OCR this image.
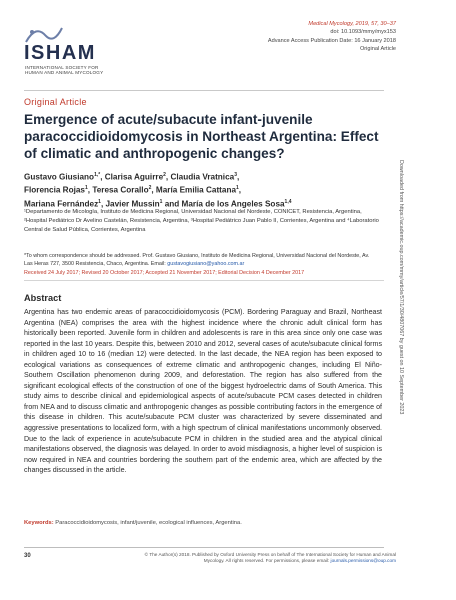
ISHAM
INTERNATIONAL SOCIETY FOR
HUMAN AND ANIMAL MYCOLOGY
Medical Mycology, 2019, 57, 30–37
doi: 10.1093/mmy/myx153
Advance Access Publication Date: 16 January 2018
Original Article
Original Article
Emergence of acute/subacute infant-juvenile paracoccidioidomycosis in Northeast Argentina: Effect of climatic and anthropogenic changes?
Gustavo Giusiano$^{1,*}$, Clarisa Aguirre$^2$, Claudia Vratnica$^3$,
Florencia Rojas$^1$, Teresa Corallo$^2$, María Emilia Cattana$^1$,
Mariana Fernández$^1$, Javier Mussin$^1$ and María de los Angeles Sosa$^{1,4}$
¹Departamento de Micología, Instituto de Medicina Regional, Universidad Nacional del Nordeste, CONICET, Resistencia, Argentina, ²Hospital Pediátrico Dr Avelino Castelán, Resistencia, Argentina, ³Hospital Pediátrico Juan Pablo II, Corrientes, Argentina and ⁴Laboratorio Central de Salud Pública, Corrientes, Argentina
*To whom correspondence should be addressed. Prof. Gustavo Giusiano, Instituto de Medicina Regional, Universidad Nacional del Nordeste, Av. Las Heras 727, 3500 Resistencia, Chaco, Argentina. Email: gustavogiusiano@yahoo.com.ar
Received 24 July 2017; Revised 20 October 2017; Accepted 21 November 2017; Editorial Decision 4 December 2017
Abstract
Argentina has two endemic areas of paracoccidioidomycosis (PCM). Bordering Paraguay and Brazil, Northeast Argentina (NEA) comprises the area with the highest incidence where the chronic adult clinical form has historically been reported. Juvenile form in children and adolescents is rare in this area since only one case was reported in the last 10 years. Despite this, between 2010 and 2012, several cases of acute/subacute clinical forms in children aged 10 to 16 (median 12) were detected. In the last decade, the NEA region has been exposed to ecological variations as consequences of extreme climatic and anthropogenic changes, including El Niño-Southern Oscillation phenomenon during 2009, and deforestation. The region has also suffered from the significant ecological effects of the construction of one of the biggest hydroelectric dams of South America. This study aims to describe clinical and epidemiological aspects of acute/subacute PCM cases detected in children from NEA and to discuss climatic and anthropogenic changes as possible contributing factors in the emergence of this disease in children. This acute/subacute PCM cluster was characterized by severe disseminated and aggressive presentations to localized form, with a high spectrum of clinical manifestations uncommonly observed. Due to the lack of experience in acute/subacute PCM in children in the studied area and the atypical clinical manifestations observed, the diagnosis was delayed. In order to avoid misdiagnosis, a higher level of suspicion is now required in NEA and countries bordering the southern part of the endemic area, which are affected by the changes discussed in the article.
Keywords: Paracoccidioidomycosis, infant/juvenile, ecological influences, Argentina.
30	© The Author(s) 2018. Published by Oxford University Press on behalf of The International Society for Human and Animal
Mycology. All rights reserved. For permissions, please email: journals.permissions@oup.com
Downloaded from https://academic.oup.com/mmy/article/57/1/30/4807067 by guest on 10 September 2023
